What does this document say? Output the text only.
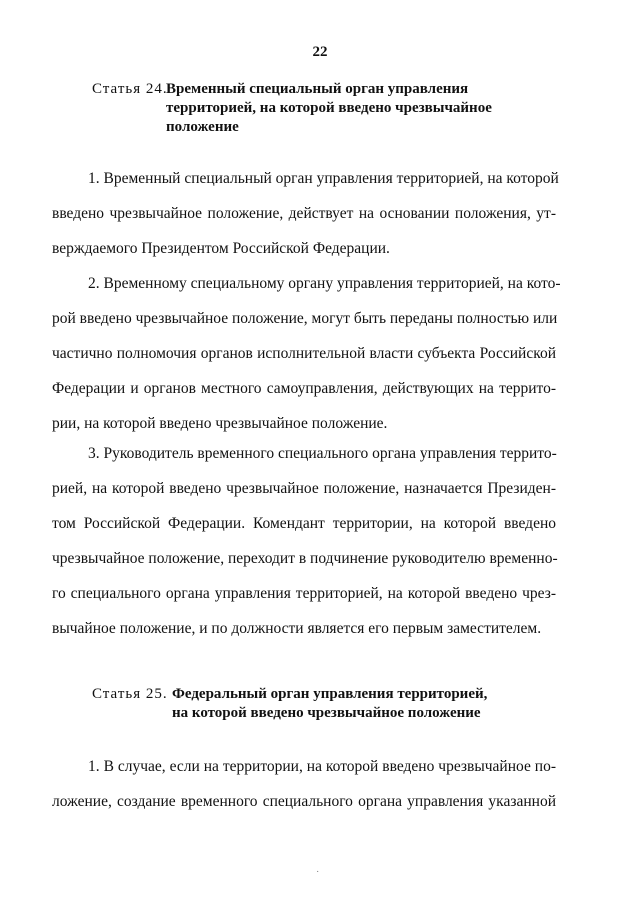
22
Статья 24.
Временный специальный орган управления
территорией, на которой введено чрезвычайное
положение
1. Временный специальный орган управления территорией, на которой
введено чрезвычайное положение, действует на основании положения, ут-
верждаемого Президентом Российской Федерации.
2. Временному специальному органу управления территорией, на кото-
рой введено чрезвычайное положение, могут быть переданы полностью или
частично полномочия органов исполнительной власти субъекта Российской
Федерации и органов местного самоуправления, действующих на террито-
рии, на которой введено чрезвычайное положение.
3. Руководитель временного специального органа управления террито-
рией, на которой введено чрезвычайное положение, назначается Президен-
том Российской Федерации. Комендант территории, на которой введено
чрезвычайное положение, переходит в подчинение руководителю временно-
го специального органа управления территорией, на которой введено чрез-
вычайное положение, и по должности является его первым заместителем.
Статья 25. Федеральный орган управления территорией,
на которой введено чрезвычайное положение
1. В случае, если на территории, на которой введено чрезвычайное по-
ложение, создание временного специального органа управления указанной
˙
